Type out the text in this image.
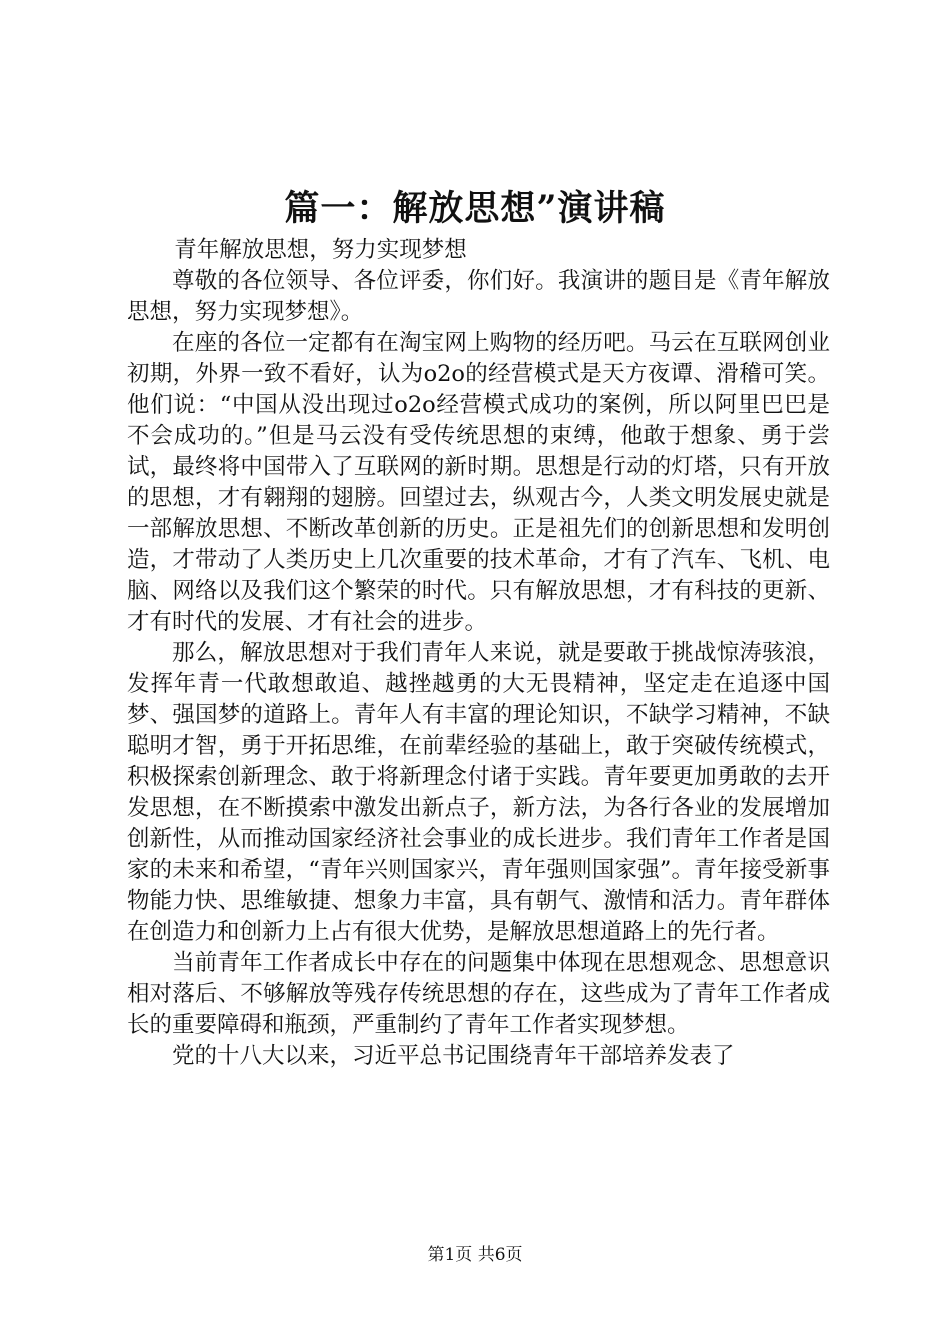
篇一：解放思想”演讲稿

青年解放思想，努力实现梦想

尊敬的各位领导、各位评委，你们好。我演讲的题目是《青年解放思想，努力实现梦想》。

在座的各位一定都有在淘宝网上购物的经历吧。马云在互联网创业初期，外界一致不看好，认为o2o的经营模式是天方夜谭、滑稽可笑。他们说：“中国从没出现过o2o经营模式成功的案例，所以阿里巴巴是不会成功的。”但是马云没有受传统思想的束缚，他敢于想象、勇于尝试，最终将中国带入了互联网的新时期。思想是行动的灯塔，只有开放的思想，才有翱翔的翅膀。回望过去，纵观古今，人类文明发展史就是一部解放思想、不断改革创新的历史。正是祖先们的创新思想和发明创造，才带动了人类历史上几次重要的技术革命，才有了汽车、飞机、电脑、网络以及我们这个繁荣的时代。只有解放思想，才有科技的更新、才有时代的发展、才有社会的进步。

那么，解放思想对于我们青年人来说，就是要敢于挑战惊涛骇浪，发挥年青一代敢想敢追、越挫越勇的大无畏精神，坚定走在追逐中国梦、强国梦的道路上。青年人有丰富的理论知识，不缺学习精神，不缺聪明才智，勇于开拓思维，在前辈经验的基础上，敢于突破传统模式，积极探索创新理念、敢于将新理念付诸于实践。青年要更加勇敢的去开发思想，在不断摸索中激发出新点子，新方法，为各行各业的发展增加创新性，从而推动国家经济社会事业的成长进步。我们青年工作者是国家的未来和希望，“青年兴则国家兴，青年强则国家强”。青年接受新事物能力快、思维敏捷、想象力丰富，具有朝气、激情和活力。青年群体在创造力和创新力上占有很大优势，是解放思想道路上的先行者。

当前青年工作者成长中存在的问题集中体现在思想观念、思想意识相对落后、不够解放等残存传统思想的存在，这些成为了青年工作者成长的重要障碍和瓶颈，严重制约了青年工作者实现梦想。

党的十八大以来，习近平总书记围绕青年干部培养发表了

第1页 共6页
